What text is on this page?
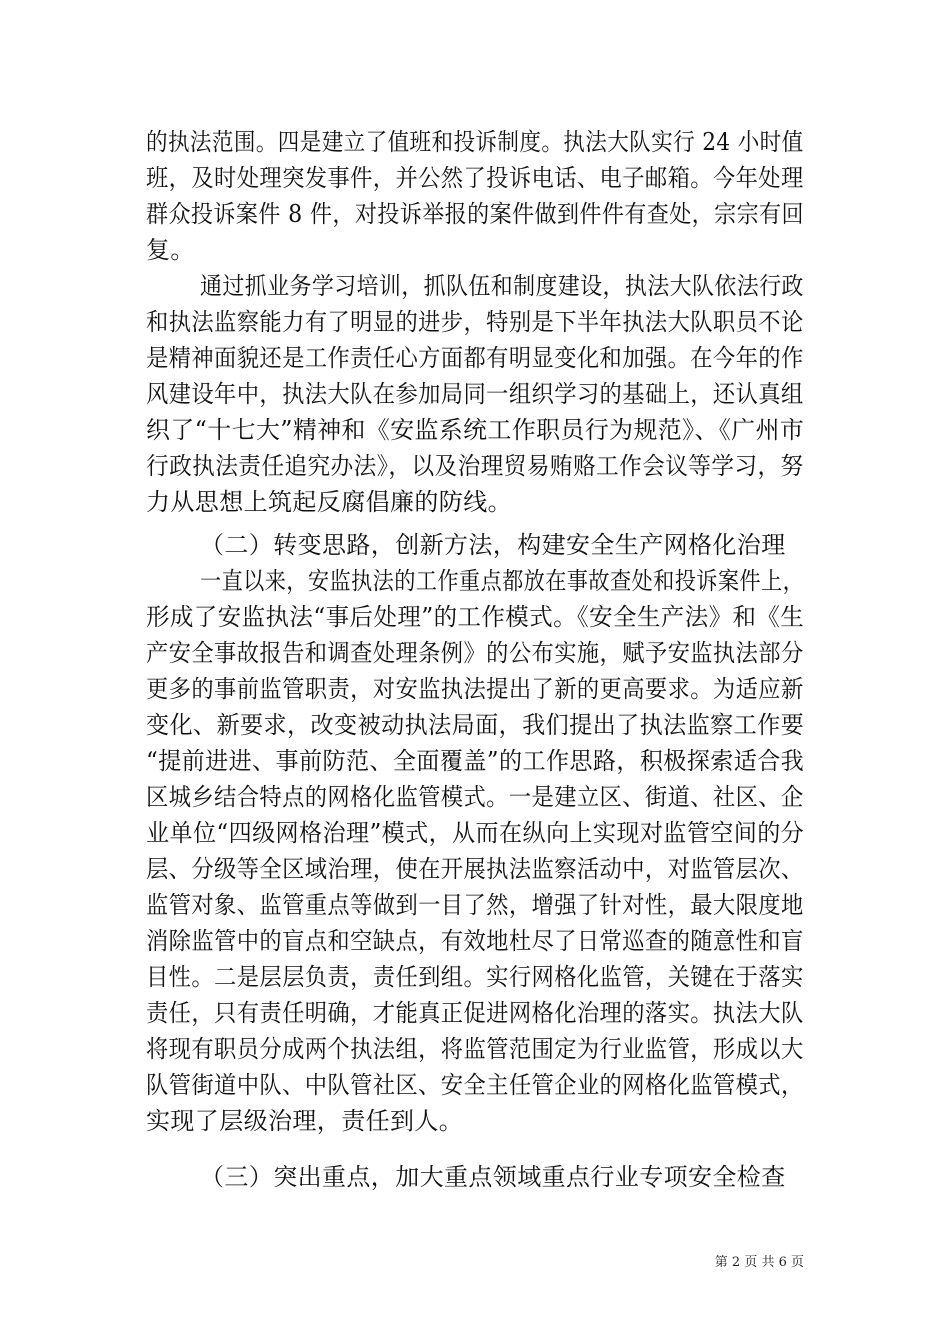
的执法范围。四是建立了值班和投诉制度。执法大队实行 24 小时值
班，及时处理突发事件，并公然了投诉电话、电子邮箱。今年处理
群众投诉案件 8 件，对投诉举报的案件做到件件有查处，宗宗有回
复。
通过抓业务学习培训，抓队伍和制度建设，执法大队依法行政
和执法监察能力有了明显的进步，特别是下半年执法大队职员不论
是精神面貌还是工作责任心方面都有明显变化和加强。在今年的作
风建设年中，执法大队在参加局同一组织学习的基础上，还认真组
织了“十七大”精神和《安监系统工作职员行为规范》、《广州市
行政执法责任追究办法》，以及治理贸易贿赂工作会议等学习，努
力从思想上筑起反腐倡廉的防线。
（二）转变思路，创新方法，构建安全生产网格化治理
一直以来，安监执法的工作重点都放在事故查处和投诉案件上，
形成了安监执法“事后处理”的工作模式。《安全生产法》和《生
产安全事故报告和调查处理条例》的公布实施，赋予安监执法部分
更多的事前监管职责，对安监执法提出了新的更高要求。为适应新
变化、新要求，改变被动执法局面，我们提出了执法监察工作要
“提前进进、事前防范、全面覆盖”的工作思路，积极探索适合我
区城乡结合特点的网格化监管模式。一是建立区、街道、社区、企
业单位“四级网格治理”模式，从而在纵向上实现对监管空间的分
层、分级等全区域治理，使在开展执法监察活动中，对监管层次、
监管对象、监管重点等做到一目了然，增强了针对性，最大限度地
消除监管中的盲点和空缺点，有效地杜尽了日常巡查的随意性和盲
目性。二是层层负责，责任到组。实行网格化监管，关键在于落实
责任，只有责任明确，才能真正促进网格化治理的落实。执法大队
将现有职员分成两个执法组，将监管范围定为行业监管，形成以大
队管街道中队、中队管社区、安全主任管企业的网格化监管模式，
实现了层级治理，责任到人。
（三）突出重点，加大重点领域重点行业专项安全检查
第 2 页 共 6 页
